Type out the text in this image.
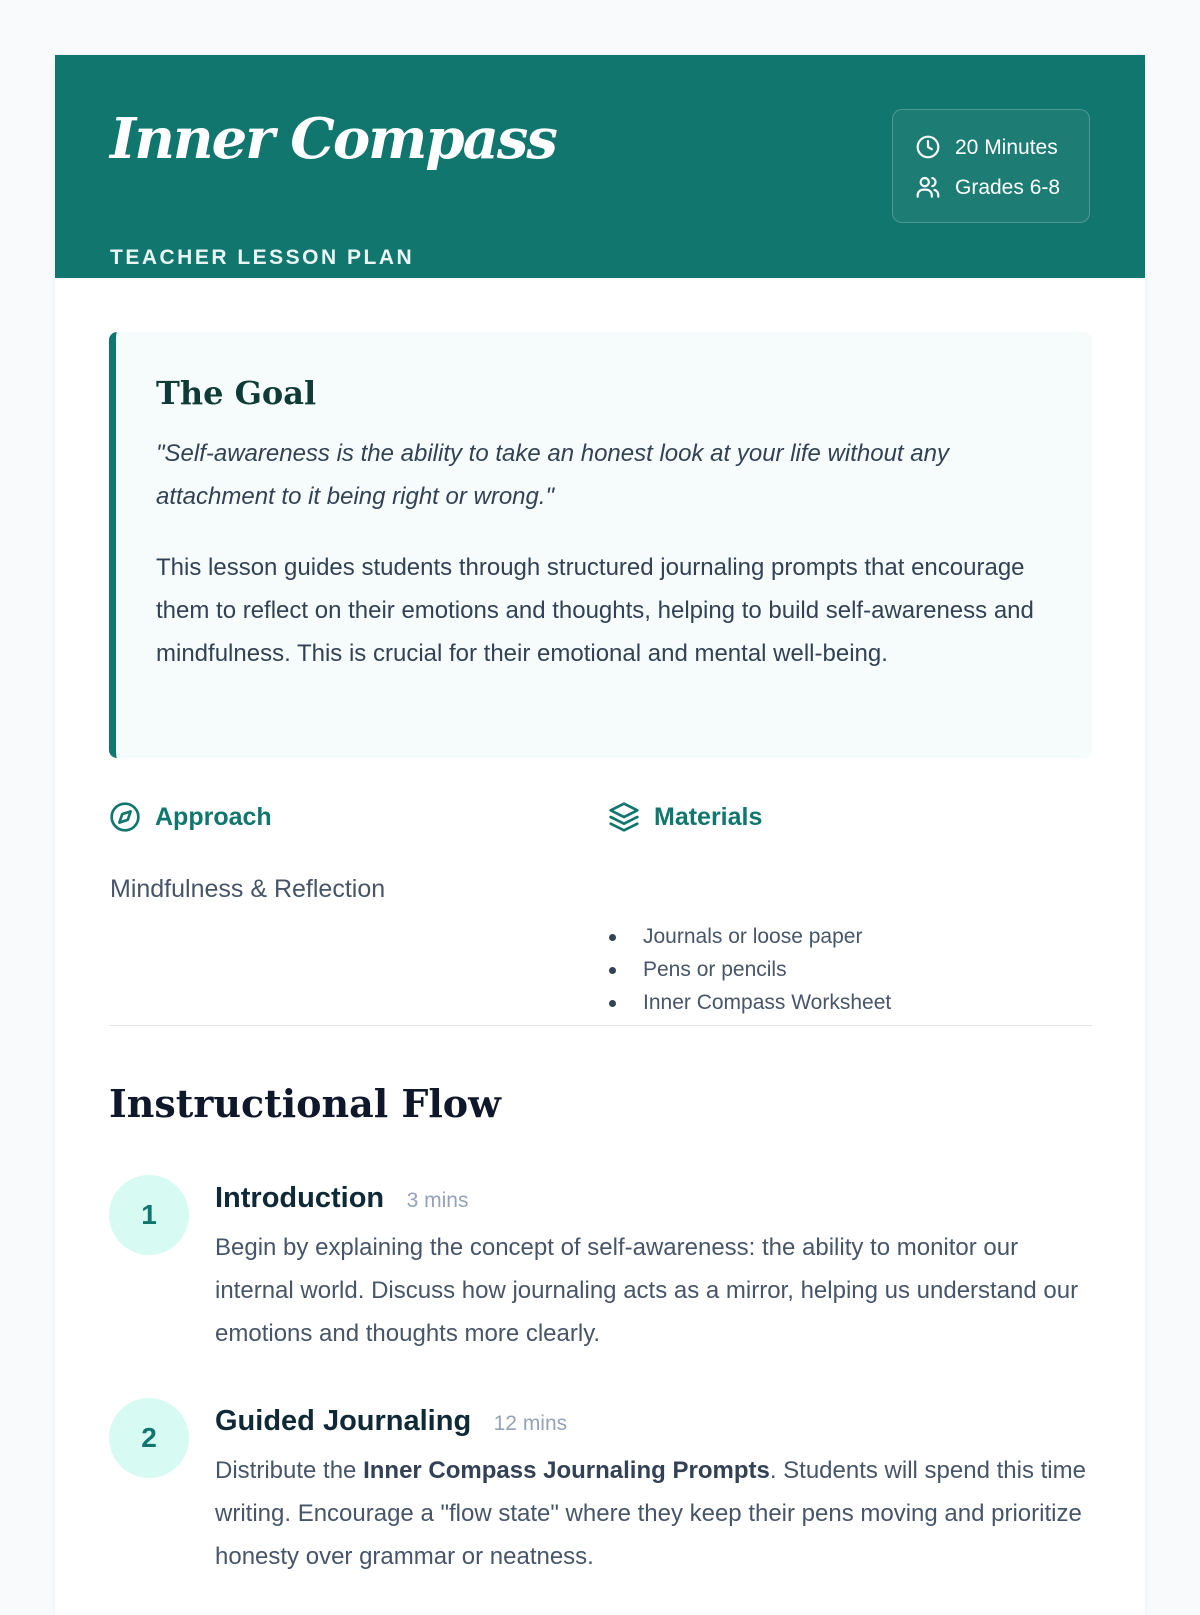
Inner Compass
TEACHER LESSON PLAN
20 Minutes
Grades 6-8
The Goal

"Self-awareness is the ability to take an honest look at your life without any attachment to it being right or wrong."

This lesson guides students through structured journaling prompts that encourage them to reflect on their emotions and thoughts, helping to build self-awareness and mindfulness. This is crucial for their emotional and mental well-being.

Approach
Mindfulness & Reflection
Materials
Journals or loose paper
Pens or pencils
Inner Compass Worksheet
Instructional Flow
1
Introduction 3 mins

Begin by explaining the concept of self-awareness: the ability to monitor our internal world. Discuss how journaling acts as a mirror, helping us understand our emotions and thoughts more clearly.

2
Guided Journaling 12 mins

Distribute the Inner Compass Journaling Prompts. Students will spend this time writing. Encourage a "flow state" where they keep their pens moving and prioritize honesty over grammar or neatness.
